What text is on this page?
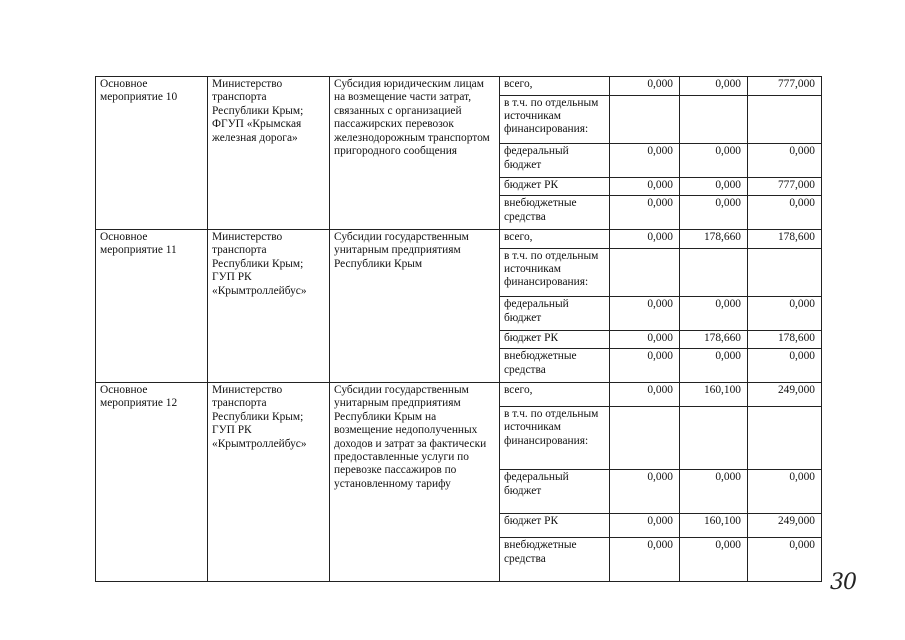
Основное мероприятие 10	Министерство транспорта Республики Крым; ФГУП «Крымская железная дорога»	Субсидия юридическим лицам на возмещение части затрат, связанных с организацией пассажирских перевозок железнодорожным транспортом пригородного сообщения	всего,	0,000	0,000	777,000
			в т.ч. по отдельным источникам финансирования:			
			федеральный бюджет	0,000	0,000	0,000
			бюджет РК	0,000	0,000	777,000
			внебюджетные средства	0,000	0,000	0,000
Основное мероприятие 11	Министерство транспорта Республики Крым; ГУП РК «Крымтроллейбус»	Субсидии государственным унитарным предприятиям Республики Крым	всего,	0,000	178,660	178,600
			в т.ч. по отдельным источникам финансирования:			
			федеральный бюджет	0,000	0,000	0,000
			бюджет РК	0,000	178,660	178,600
			внебюджетные средства	0,000	0,000	0,000
Основное мероприятие 12	Министерство транспорта Республики Крым; ГУП РК «Крымтроллейбус»	Субсидии государственным унитарным предприятиям Республики Крым на возмещение недополученных доходов и затрат за фактически предоставленные услуги по перевозке пассажиров по установленному тарифу	всего,	0,000	160,100	249,000
			в т.ч. по отдельным источникам финансирования:			
			федеральный бюджет	0,000	0,000	0,000
			бюджет РК	0,000	160,100	249,000
			внебюджетные средства	0,000	0,000	0,000
30
